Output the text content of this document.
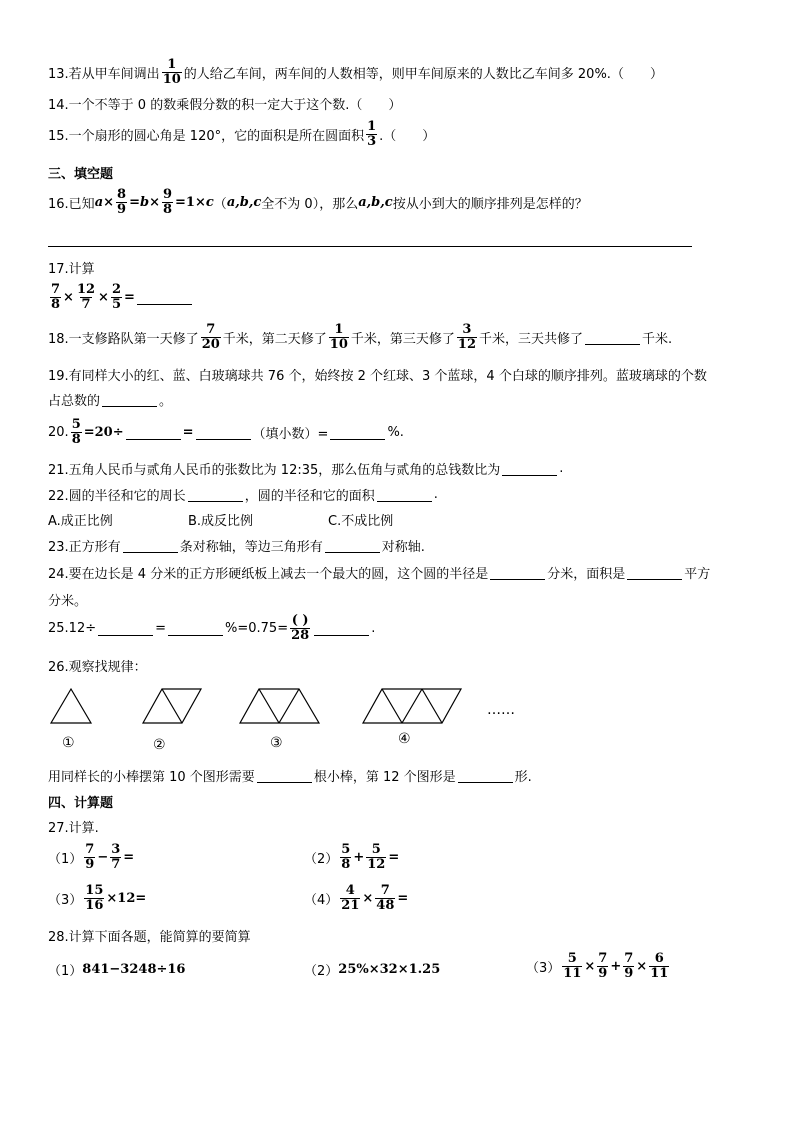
13.若从甲车间调出 $\frac{1}{10}$ 的人给乙车间，两车间的人数相等，则甲车间原来的人数比乙车间多 20%.（　　）
14.一个不等于 0 的数乘假分数的积一定大于这个数.（　　）
15.一个扇形的圆心角是 120°，它的面积是所在圆面积 $\frac{1}{3}$ .（　　）
三、填空题
16.已知 $a \times \frac{8}{9} = b \times \frac{9}{8} =1\times c$ （ a,b,c 全不为 0），那么 a,b,c 按从小到大的顺序排列是怎样的？
17.计算
$\frac{7}{8} \times \frac{12}{7} \times \frac{2}{5}$ =
18.一支修路队第一天修了 $\frac{7}{20}$ 千米，第二天修了 $\frac{1}{10}$ 千米，第三天修了 $\frac{3}{12}$ 千米，三天共修了	千米.
19.有同样大小的红、蓝、白玻璃球共 76 个，始终按 2 个红球、3 个蓝球，4 个白球的顺序排列。蓝玻璃球的个数
占总数的	。
20. $\frac{5}{8} =20\div$	=	（填小数）=	%.
21.五角人民币与贰角人民币的张数比为 12:35，那么伍角与贰角的总钱数比为	.
22.圆的半径和它的周长	，圆的半径和它的面积	.
A.成正比例	B.成反比例	C.不成比例
23.正方形有	条对称轴，等边三角形有	对称轴.
24.要在边长是 4 分米的正方形硬纸板上减去一个最大的圆，这个圆的半径是	分米，面积是	平方
分米。
25.12÷	=	$\%=0.75= \frac{( )}{28}$	.
26.观察找规律：
①	②	③	④
……
用同样长的小棒摆第 10 个图形需要	根小棒，第 12 个图形是	形.
四、计算题
27.计算.
$(1) \frac{7}{9} - \frac{3}{7}$ =	$(2) \frac{5}{8} + \frac{5}{12}$ =
$(3) \frac{15}{16} \times 12=$	$(4) \frac{4}{21} \times \frac{7}{48}$ =
28.计算下面各题，能简算的要简算
（1） 841−3248÷16	（2） 25%×32×1.25	$(3) \frac{5}{11} \times \frac{7}{9} + \frac{7}{9} \times \frac{6}{11}$
